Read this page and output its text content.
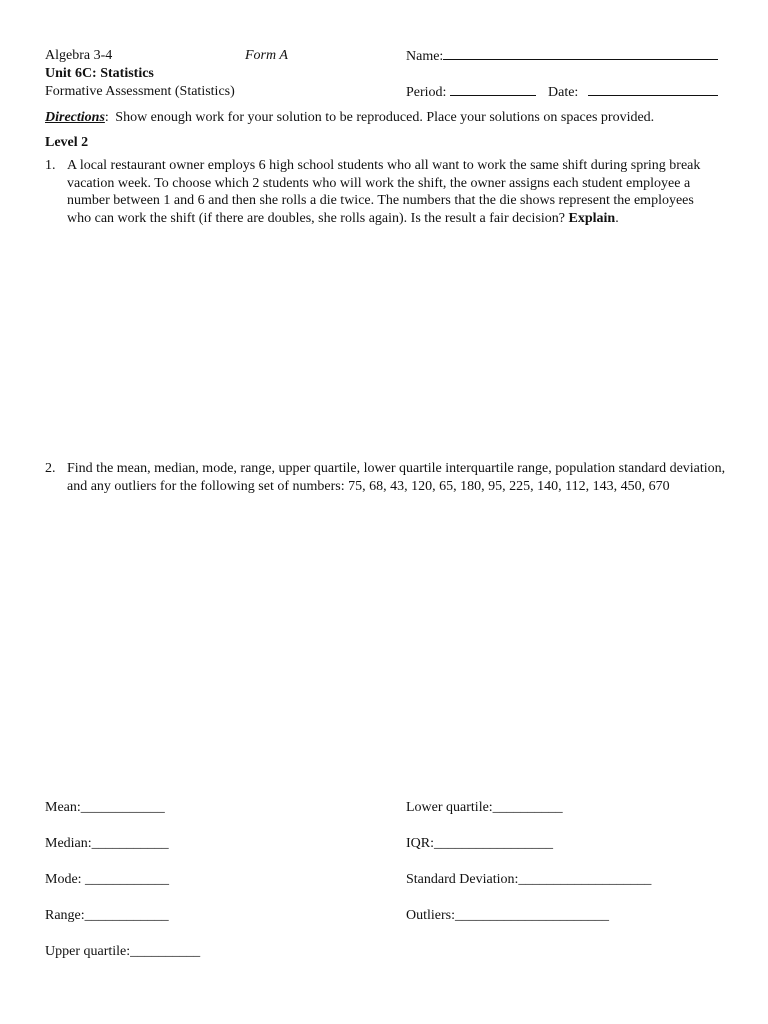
Algebra 3-4	Form A	Name:
Unit 6C: Statistics
Formative Assessment (Statistics)	Period:	Date:
Directions: Show enough work for your solution to be reproduced. Place your solutions on spaces provided.
Level 2
1. A local restaurant owner employs 6 high school students who all want to work the same shift during spring break vacation week. To choose which 2 students who will work the shift, the owner assigns each student employee a number between 1 and 6 and then she rolls a die twice. The numbers that the die shows represent the employees who can work the shift (if there are doubles, she rolls again). Is the result a fair decision? Explain.
2. Find the mean, median, mode, range, upper quartile, lower quartile interquartile range, population standard deviation, and any outliers for the following set of numbers: 75, 68, 43, 120, 65, 180, 95, 225, 140, 112, 143, 450, 670
Mean:____________
Median:___________
Mode: ____________
Range:____________
Upper quartile:__________
Lower quartile:__________
IQR:_________________
Standard Deviation:___________________
Outliers:______________________
